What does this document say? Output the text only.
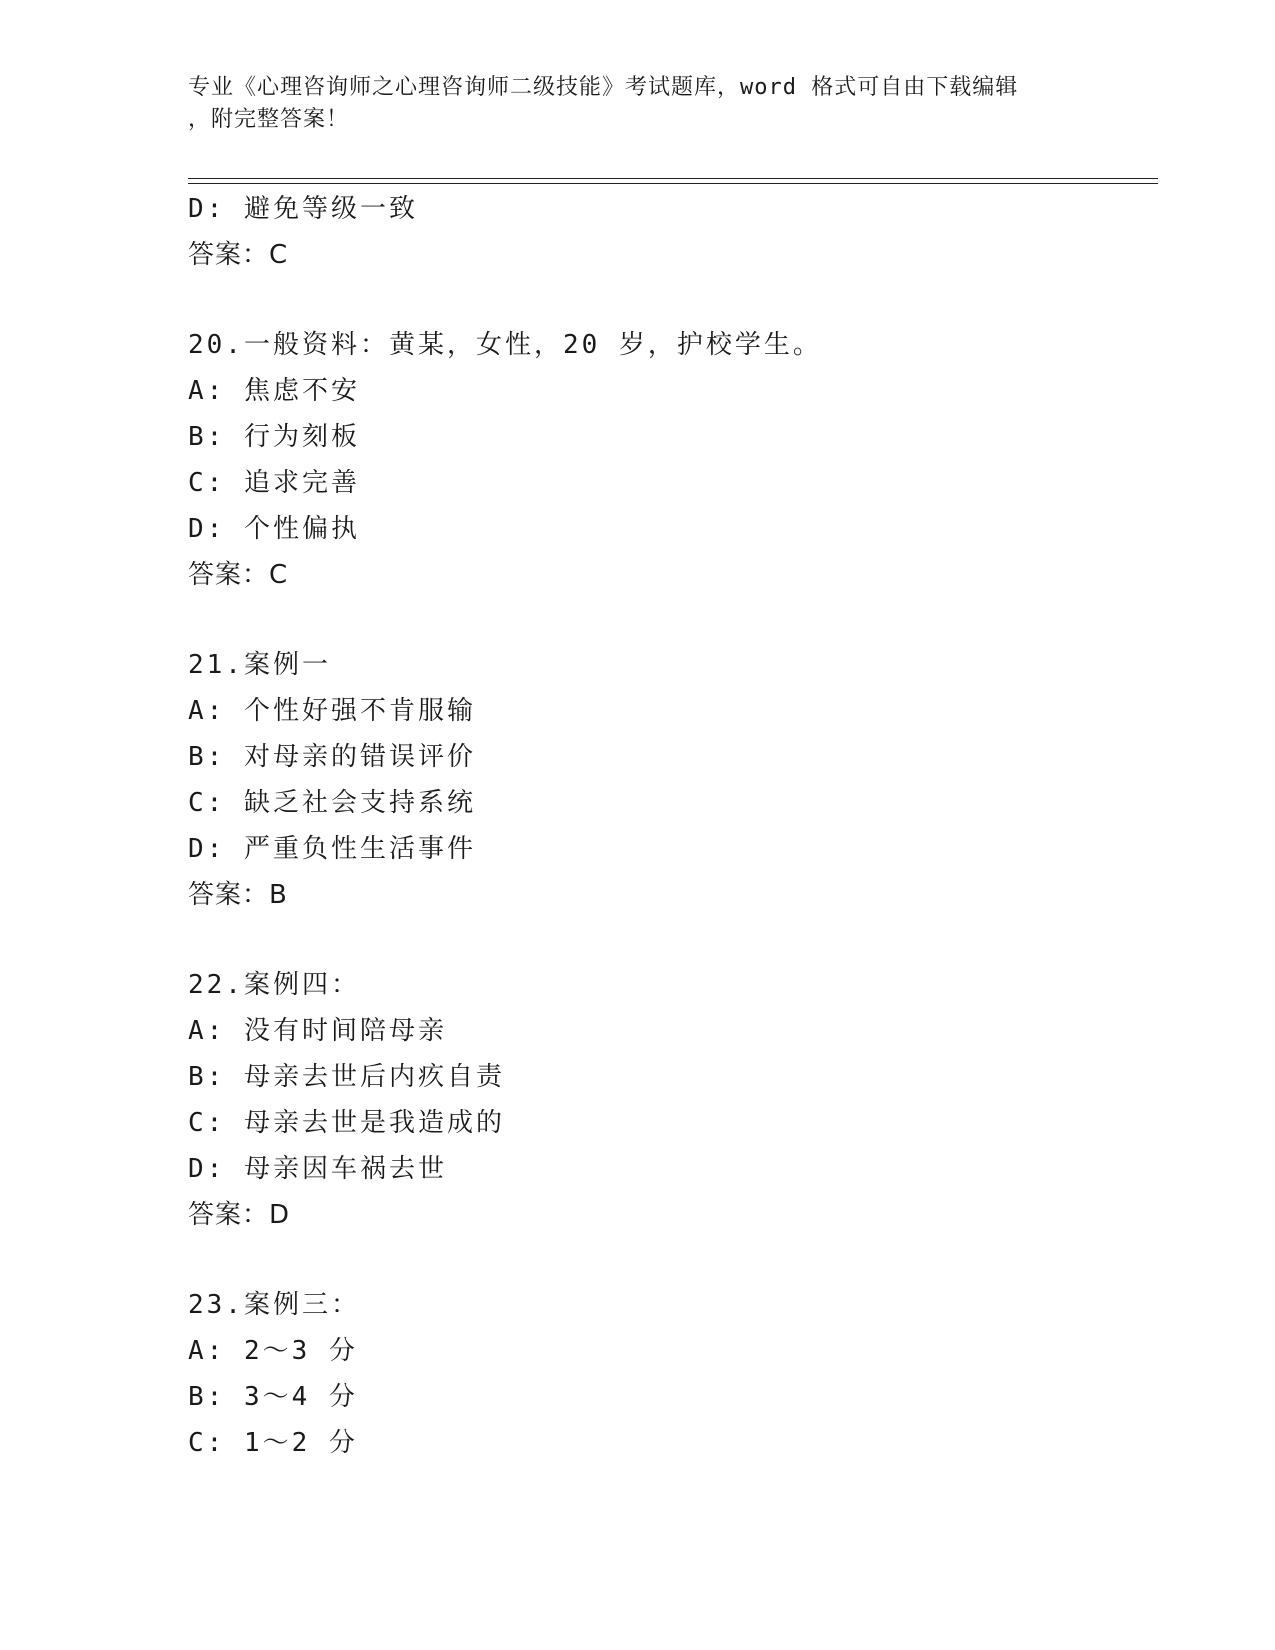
专业《心理咨询师之心理咨询师二级技能》考试题库，word 格式可自由下载编辑
，附完整答案！
D: 避免等级一致
答案：C
20.一般资料：黄某，女性，20 岁，护校学生。
A: 焦虑不安
B: 行为刻板
C: 追求完善
D: 个性偏执
答案：C
21.案例一
A: 个性好强不肯服输
B: 对母亲的错误评价
C: 缺乏社会支持系统
D: 严重负性生活事件
答案：B
22.案例四：
A: 没有时间陪母亲
B: 母亲去世后内疚自责
C: 母亲去世是我造成的
D: 母亲因车祸去世
答案：D
23.案例三：
A: 2～3 分
B: 3～4 分
C: 1～2 分
